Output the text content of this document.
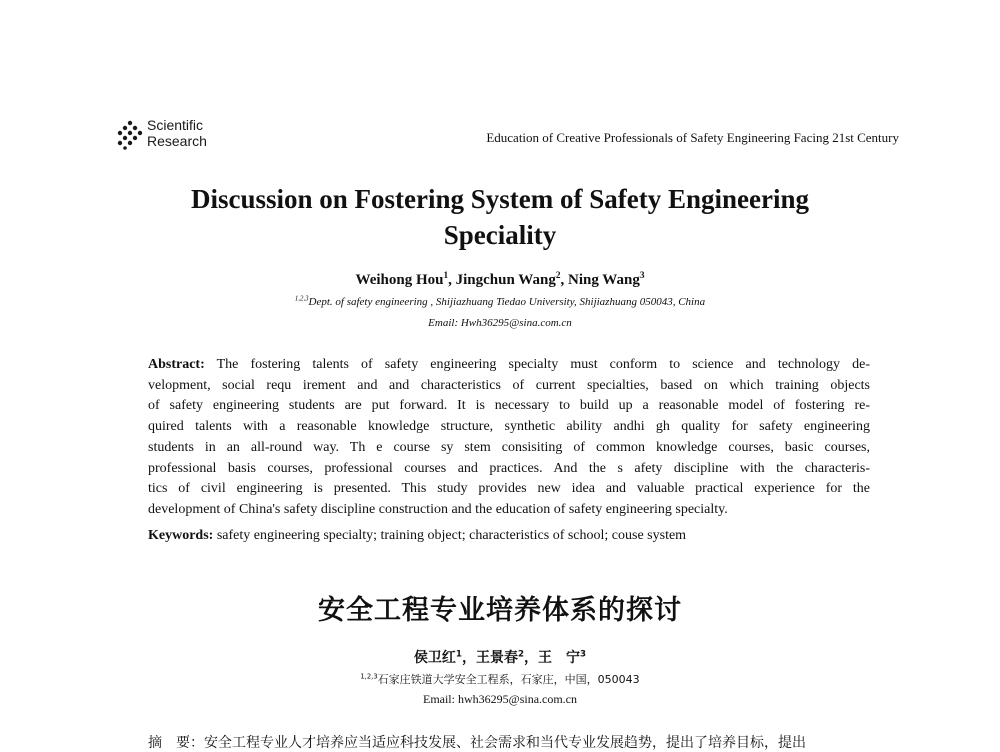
Scientific
Research	Education of Creative Professionals of Safety Engineering Facing 21st Century
Discussion on Fostering System of Safety Engineering
Speciality
Weihong Hou$^1$, Jingchun Wang$^2$, Ning Wang$^3$
$^{1,2,3}$Dept. of safety engineering , Shijiazhuang Tiedao University, Shijiazhuang 050043, China
Email: Hwh36295@sina.com.cn
Abstract: The fostering talents of safety engineering specialty must conform to science and technology de-
velopment, social requ irement and and characteristics of current specialties, based on which training objects
of safety engineering students are put forward. It is necessary to build up a reasonable model of fostering re-
quired talents with a reasonable knowledge structure, synthetic ability andhi gh quality for safety engineering
students in an all-round way. Th e course sy stem consisiting of common knowledge courses, basic courses,
professional basis courses, professional courses and practices. And the s afety discipline with the characteris-
tics of civil engineering is presented. This study provides new idea and valuable practical experience for the
development of China's safety discipline construction and the education of safety engineering specialty.
Keywords: safety engineering specialty; training object; characteristics of school; couse system
安全工程专业培养体系的探讨
侯卫红$^1$，王景春$^2$，王　宁$^3$
$^{1,2,3}$石家庄铁道大学安全工程系，石家庄，中国，050043
Email: hwh36295@sina.com.cn
摘　要：安全工程专业人才培养应当适应科技发展、社会需求和当代专业发展趋势，提出了培养目标，提出
